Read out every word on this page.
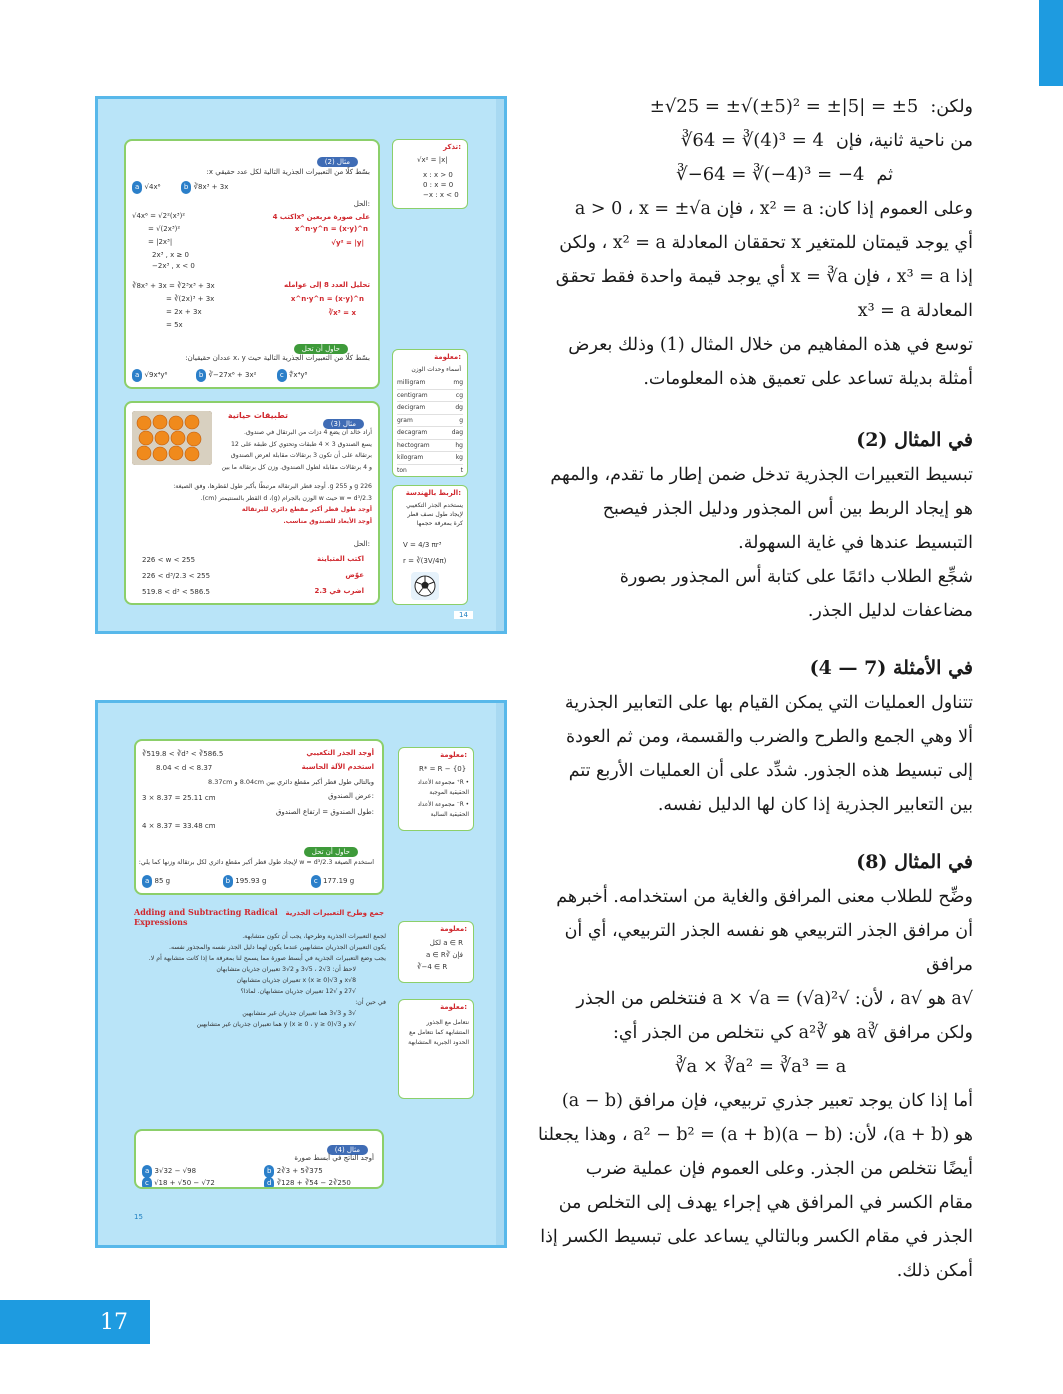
17

ولكن:
±√25 = ±√(±5)² = ±|5| = ±5

من ناحية ثانية، فإن
∛64 = ∛(4)³ = 4

ثم
∛−64 = ∛(−4)³ = −4

وعلى العموم إذا كان: x² = a ، فإن a > 0 ، x = ±√a

أي يوجد قيمتان للمتغير x تحققان المعادلة x² = a ، ولكن

إذا x³ = a ، فإن x = ∛a أي يوجد قيمة واحدة فقط تحقق

المعادلة x³ = a

توسع في هذه المفاهيم من خلال المثال (1) وذلك بعرض

أمثلة بديلة تساعد على تعميق هذه المعلومات.

في المثال (2)

تبسيط التعبيرات الجذرية تدخل ضمن إطار ما تقدم، والمهم

هو إيجاد الربط بين أس المجذور ودليل الجذر فيصبح

التبسيط عندها في غاية السهولة.

شجِّع الطلاب دائمًا على كتابة أس المجذور بصورة

مضاعفات لدليل الجذر.

في الأمثلة (7 — 4)

تتناول العمليات التي يمكن القيام بها على التعابير الجذرية

ألا وهي الجمع والطرح والضرب والقسمة، ومن ثم العودة

إلى تبسيط هذه الجذور. شدِّد على أن العمليات الأربع تتم

بين التعابير الجذرية إذا كان لها الدليل نفسه.

في المثال (8)

وضِّح للطلاب معنى المرافق والغاية من استخدامه. أخبرهم

أن مرافق الجذر التربيعي هو نفسه الجذر التربيعي، أي أن مرافق

√a هو √a ، لأن: √a × √a = (√a)² فنتخلص من الجذر

ولكن مرافق ∛a هو ∛a² كي نتخلص من الجذر أي:

∛a × ∛a² = ∛a³ = a

أما إذا كان يوجد تعبير جذري تربيعي، فإن مرافق (a − b)

هو (a + b)، لأن: (a − b)(a + b) = a² − b² ، وهذا يجعلنا

أيضًا نتخلص من الجذر. وعلى العموم فإن عملية ضرب

مقام الكسر في المرافق هي إجراء يهدف إلى التخلص من

الجذر في مقام الكسر وبالتالي يساعد على تبسيط الكسر إذا

أمكن ذلك.

مثال (2)
بسّط كلًا من التعبيرات الجذرية التالية لكل عدد حقيقي x:
a √4x⁶	b ∛8x³ + 3x
الحل:
√4x⁶ = √2²(x³)²
= √(2x³)²
= |2x³|
2x³ , x ≥ 0
−2x³ , x < 0
اكتب 4x⁶ على صورة مربعين
x^n·y^n = (x·y)^n
√y² = |y|
∛8x³ + 3x = ∛2³x³ + 3x
= ∛(2x)³ + 3x
= 2x + 3x
= 5x
تحليل العدد 8 إلى عوامله
x^n·y^n = (x·y)^n
∛x³ = x
حاول أن تحل
بسّط كلًا من التعبيرات الجذرية التالية حيث x، y عددان حقيقيان:
a √9x⁴y⁶	b ∛−27x⁶ + 3x²	c ∜x⁴y⁸
تذكر:
√x² = |x|
x : x > 0
0 : x = 0
−x : x < 0
معلومة:
أسماء وحدات الوزن
milligram	mg
centigram	cg
decigram	dg
gram	g
decagram	dag
hectogram	hg
kilogram	kg
ton	t
الربط بالهندسة:
يستخدم الجذر التكعيبي لإيجاد طول نصف قطر كرة بمعرفة حجمها
V = 4/3 πr³
r = ∛(3V/4π)
مثال (3)
تطبيقات حياتية
أراد خالد أن يضع 4 دزات من البرتقال في صندوق.
يسع الصندوق 3 × 4 طبقات وتحتوي كل طبقة على 12
برتقالة على أن تكون 3 برتقالات مقابلة لعرض الصندوق
و 4 برتقالات مقابلة لطول الصندوق. وزن كل برتقالة ما بين
226 g و 255 g. أوجد قطر البرتقالة مرتبطًا بأكبر طول لقطرها، وفق الصيغة:
w = d³/2.3 حيث w الوزن بالجرام (g)، d القطر بالسنتيمتر (cm).
أوجد طول قطر أكبر مقطع دائري للبرتقالة
أوجد الأبعاد للصندوق مناسب.
الحل:
226 < w < 255	اكتب المتباينة
226 < d³/2.3 < 255	عوّض
519.8 < d³ < 586.5	اضرب في 2.3
14
∛519.8 < ∛d³ < ∛586.5	أوجد الجذر التكعيبي
8.04 < d < 8.37	استخدم الآلة الحاسبة
وبالتالي طول قطر أكبر مقطع دائري بين 8.04cm و 8.37cm
عرض الصندوق:
3 × 8.37 = 25.11 cm
طول الصندوق = ارتفاع الصندوق:
4 × 8.37 = 33.48 cm
حاول أن تحل
استخدم الصيغة w = d³/2.3 لإيجاد طول قطر أكبر مقطع دائري لكل برتقالة وزنها كما يلي:
a 85 g	b 195.93 g	c 177.19 g
معلومة:
R* = R − {0}
• R⁺ مجموعة الأعداد الحقيقية الموجبة
• R⁻ مجموعة الأعداد الحقيقية السالبة
Adding and Subtracting Radical Expressions
جمع وطرح التعبيرات الجذرية
لجمع التعبيرات الجذرية وطرحها، يجب أن تكون متشابهة.
يكون التعبيران الجذريان متشابهين عندما يكون لهما دليل الجذر نفسه والمجذور نفسه.
يجب وضع التعبيرات الجذرية في أبسط صورة مما يسمح لنا بمعرفة ما إذا كانت متشابهة أم لا.
لاحظ أن: 3√2 ، 5√3 و 2√3 تعبيران جذريان متشابهان
8√x و 3√x (x ≥ 0) تعبيران جذريان متشابهان
√27 و √12 تعبيران جذريان متشابهان. لماذا؟
في حين أن:
√3 و 3√3 هما تعبيران جذريان غير متشابهين
√x و 3√y (x ≥ 0 ، y ≥ 0) هما تعبيران جذريان غير متشابهين
معلومة:
a ∈ R لكل
فإن ∛a ∈ R
∛−4 ∈ R
معلومة:
نتعامل مع الجذور المتشابهة كما نتعامل مع الحدود الجبرية المتشابهة
مثال (4)
أوجد الناتج في أبسط صورة
a 3√32 − √98	b 2∛3 + 5∛375
c √18 + √50 − √72	d ∛128 + ∛54 − 2∛250
15
